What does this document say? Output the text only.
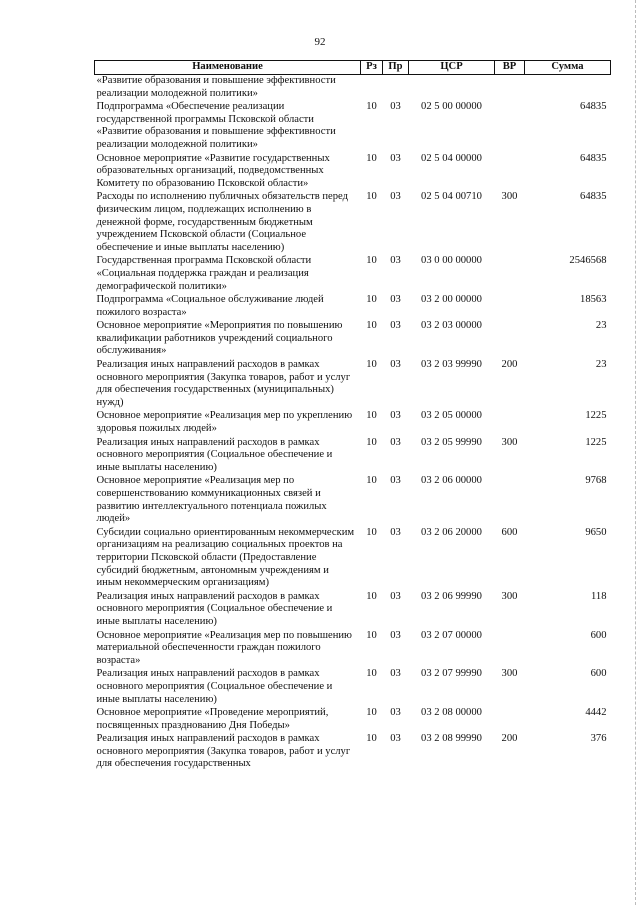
92
Наименование	Рз	Пр	ЦСР	ВР	Сумма
«Развитие образования и повышение эффективности реализации молодежной политики»					
Подпрограмма «Обеспечение реализации государственной программы Псковской области «Развитие образования и повышение эффективности реализации молодежной политики»	10	03	02 5 00 00000		64835
Основное мероприятие «Развитие государственных образовательных организаций, подведомственных Комитету по образованию Псковской области»	10	03	02 5 04 00000		64835
Расходы по исполнению публичных обязательств перед физическим лицом, подлежащих исполнению в денежной форме, государственным бюджетным учреждением Псковской области (Социальное обеспечение и иные выплаты населению)	10	03	02 5 04 00710	300	64835
Государственная программа Псковской области «Социальная поддержка граждан и реализация демографической политики»	10	03	03 0 00 00000		2546568
Подпрограмма «Социальное обслуживание людей пожилого возраста»	10	03	03 2 00 00000		18563
Основное мероприятие «Мероприятия по повышению квалификации работников учреждений социального обслуживания»	10	03	03 2 03 00000		23
Реализация иных направлений расходов в рамках основного мероприятия (Закупка товаров, работ и услуг для обеспечения государственных (муниципальных) нужд)	10	03	03 2 03 99990	200	23
Основное мероприятие «Реализация мер по укреплению здоровья пожилых людей»	10	03	03 2 05 00000		1225
Реализация иных направлений расходов в рамках основного мероприятия (Социальное обеспечение и иные выплаты населению)	10	03	03 2 05 99990	300	1225
Основное мероприятие «Реализация мер по совершенствованию коммуникационных связей и развитию интеллектуального потенциала пожилых людей»	10	03	03 2 06 00000		9768
Субсидии социально ориентированным некоммерческим организациям на реализацию социальных проектов на территории Псковской области (Предоставление субсидий бюджетным, автономным учреждениям и иным некоммерческим организациям)	10	03	03 2 06 20000	600	9650
Реализация иных направлений расходов в рамках основного мероприятия (Социальное обеспечение и иные выплаты населению)	10	03	03 2 06 99990	300	118
Основное мероприятие «Реализация мер по повышению материальной обеспеченности граждан пожилого возраста»	10	03	03 2 07 00000		600
Реализация иных направлений расходов в рамках основного мероприятия (Социальное обеспечение и иные выплаты населению)	10	03	03 2 07 99990	300	600
Основное мероприятие «Проведение мероприятий, посвященных празднованию Дня Победы»	10	03	03 2 08 00000		4442
Реализация иных направлений расходов в рамках основного мероприятия (Закупка товаров, работ и услуг для обеспечения государственных	10	03	03 2 08 99990	200	376
